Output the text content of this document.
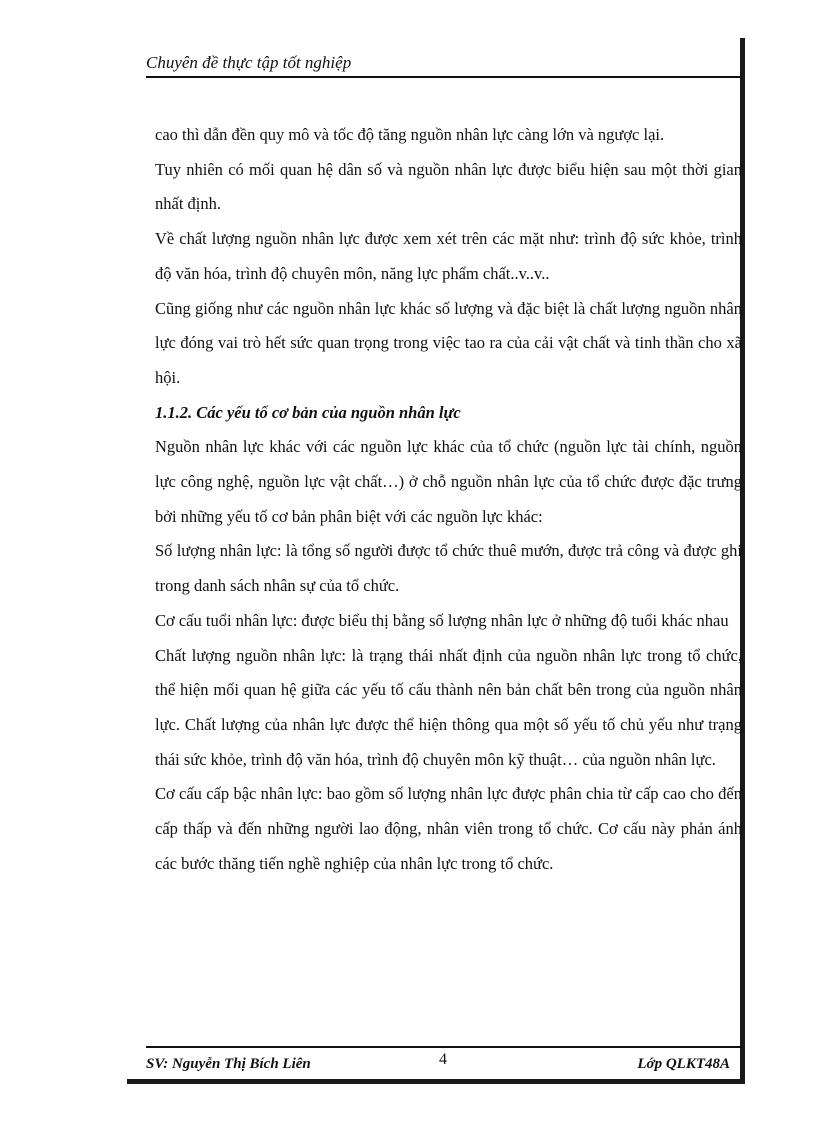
Chuyên đề thực tập tốt nghiệp

cao thì dẫn đền quy mô và tốc độ tăng nguồn nhân lực càng lớn và ngược lại.

Tuy nhiên có mối quan hệ dân số và nguồn nhân lực được biểu hiện sau một thời gian nhất định.

Về chất lượng nguồn nhân lực được xem xét trên các mặt như: trình độ sức khỏe, trình độ văn hóa, trình độ chuyên môn, năng lực phẩm chất..v..v..

Cũng giống như các nguồn nhân lực khác số lượng và đặc biệt là chất lượng nguồn nhân lực đóng vai trò hết sức quan trọng trong việc tao ra của cải vật chất và tinh thần cho xã hội.

1.1.2. Các yếu tố cơ bản của nguồn nhân lực

Nguồn nhân lực khác với các nguồn lực khác của tổ chức (nguồn lực tài chính, nguồn lực công nghệ, nguồn lực vật chất…) ở chỗ nguồn nhân lực của tổ chức được đặc trưng bởi những yếu tố cơ bản phân biệt với các nguồn lực khác:

Số lượng nhân lực: là tổng số người được tổ chức thuê mướn, được trả công và được ghi trong danh sách nhân sự của tổ chức.

Cơ cấu tuổi nhân lực: được biểu thị bằng số lượng nhân lực ở những độ tuổi khác nhau

Chất lượng nguồn nhân lực: là trạng thái nhất định của nguồn nhân lực trong tổ chức, thể hiện mối quan hệ giữa các yếu tố cấu thành nên bản chất bên trong của nguồn nhân lực. Chất lượng của nhân lực được thể hiện thông qua một số yếu tố chủ yếu như trạng thái sức khỏe, trình độ văn hóa, trình độ chuyên môn kỹ thuật… của nguồn nhân lực.

Cơ cấu cấp bậc nhân lực: bao gồm số lượng nhân lực được phân chia từ cấp cao cho đến cấp thấp và đến những người lao động, nhân viên trong tổ chức. Cơ cấu này phản ánh các bước thăng tiến nghề nghiệp của nhân lực trong tổ chức.

SV: Nguyễn Thị Bích Liên	4	Lớp QLKT48A
